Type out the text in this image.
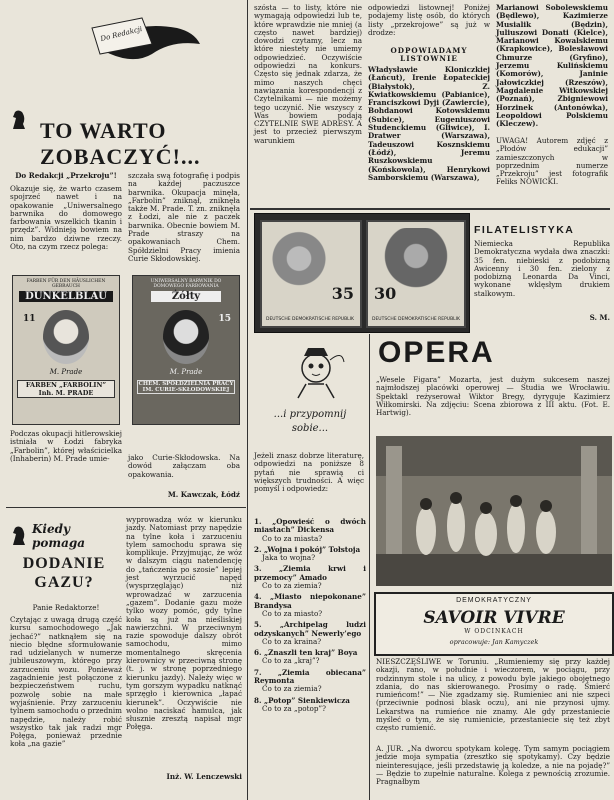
Do Redakcji
TO WARTO ZOBACZYĆ!...

Do Redakcji „Przekroju”!

Okazuje się, że warto czasem spojrzeć nawet i na opakowanie „Uniwersalnego barwnika do domowego farbowania wszelkich tkanin i przędz”. Widnieją bowiem na nim bardzo dziwne rzeczy. Oto, na czym rzecz polega:

szczała swą fotografię i podpis na każdej paczuszce barwnika. Okupacja minęła, „Farbolin” zniknął, zniknęła także M. Prade. T. zn. zniknęła z Łodzi, ale nie z paczek barwnika. Obecnie bowiem M. Prade straszy na opakowaniach Chem. Spółdzielni Pracy imienia Curie Skłodowskiej.

FARBEN FÜR DEN HÄUSLICHEN GEBRAUCH
DUNKELBLAU
11
M. Prade
FARBEN „FARBOLIN” Inh. M. PRADE
UNIWERSALNY BARWNIK DO DOMOWEGO FARBOWANIA
Żółty
15
M. Prade
CHEM. SPÓŁDZIELNIA PRACY IM. CURIE-SKŁODOWSKIEJ

Podczas okupacji hitlerowskiej istniała w Łodzi fabryka „Farbolin”, której właścicielka (Inhaberin) M. Prade umie-	jako Curie-Skłodowska. Na dowód załączam oba opakowania.

M. Kawczak, Łódź

Kiedy pomaga
DODANIE GAZU?

Panie Redaktorze!

Czytając z uwagą drugą część kursu samochodowego „Jak jechać?” natknąłem się na niecio błędne sformułowanie rad udzielanych w numerze jubileuszowym, którego przy zarzuceniu wozu. Ponieważ zagadnienie jest połączone z bezpieczeństwem ruchu, pozwolę sobie na małe wyjaśnienie. Przy zarzuceniu tylnem samochodu o przednim napędzie, należy robić wszystko tak jak radzi mgr Połęga, ponieważ przednie koła „na gazie”

wyprowadzą wóz w kierunku jazdy. Natomiast przy napędzie na tylne koła i zarzuceniu tylem samochodu sprawa się komplikuje. Przyjmując, że wóz w dalszym ciągu natendencję do „tańczenia po szosie” lepiej jest wyrzucić napęd (wysprzęglając) niż wprowadzać w zarzucenia „gazem”. Dodanie gazu może tylko wozy pomóc, gdy tylne koła są już na nieśliskiej nawierzchni. W przeciwnym razie spowoduje dalszy obrót samochodu, mimo momentalnego skręcenia kierownicy w przeciwną stronę (t. j. w stronę poprzedniego kierunku jazdy). Należy więc w tym gorszym wypadku natknąć sprzęgło i kierownica „łapać kierunek”. Oczywiście nie wolno naciskać hamulca, jak słusznie zresztą napisał mgr Połęga.

Inż. W. Lenczewski

szósta — to listy, które nie wymagają odpowiedzi lub te, które wprawdzie nie mniej (a często nawet bardziej) dowodzi czytamy, lecz na które niestety nie umiemy odpowiedzieć. Oczywiście odpowiedzi na konkurs. Często się jednak zdarza, że mimo naszych chęci nawiązania korespondencji z Czytelnikami — nie możemy tego uczynić. Nie wszyscy z Was bowiem podają CZYTELNIE SWE ADRESY. A jest to przecież pierwszym warunkiem

odpowiedzi listownej! Poniżej podajemy listę osób, do których listy „przekrojowe” są już w drodze:

ODPOWIADAMY LISTOWNIE

Władysławie Kloniczkiej (Łańcut), Irenie Łopateckiej (Białystok), Z. Kwiatkowskiemu (Pabianice), Franciszkowi Dyji (Zawiercie), Bohdanowi Kotowskiemu (Subice), Eugeniuszowi Studenckiemu (Gliwice), I. Dratwer (Warszawa), Tadeuszowi Kosznskiemu (Łódź), Jeremu Ruszkowskiemu (Końskowola), Henrykowi Samborskiemu (Warszawa),

Marianowi Sobolewskiemu (Będlewo), Kazimierze Musialik (Będzin), Juliuszowi Donati (Kielce), Marianowi Kowalskiemu (Krapkowice), Bolesławowi Chmurze (Gryfino), Jerzemu Kulińskiemu (Komorów), Janinie Jałowiczkiej (Rzeszów), Magdalenie Witkowskiej (Poznań), Zbigniewowi Horzinek (Antonówka), Leopoldowi Polskiemu (Kleczew).

UWAGA! Autorem zdjęć z „Płodów edukacji” zamieszczonych w poprzednim numerze „Przekroju” jest fotografik Feliks NOWICKI.

35
DEUTSCHE DEMOKRATISCHE REPUBLIK
30
DEUTSCHE DEMOKRATISCHE REPUBLIK
FILATELISTYKA

Niemiecka Republika Demokratyczna wydała dwa znaczki: 35 fen. niebieski z podobizną Awicenny i 30 fen. zielony z podobizną Leonarda Da Vinci, wykonane wklęsłym drukiem stalkowym.

S. M.

...i przypomnij sobie...

Jeżeli znasz dobrze literaturę, odpowiedzi na poniższe 8 pytań nie sprawią ci większych trudności. A więc pomyśl i odpowiedz:

1. „Opowieść o dwóch miastach” Dickensa

Co to za miasta?

2. „Wojna i pokój” Tołstoja

Jaka to wojna?

3. „Ziemia krwi i przemocy” Amado

Co to za ziemia?

4. „Miasto niepokonane” Brandysa

Co to za miasto?

5. „Archipelag ludzi odzyskanych” Newerly’ego

Co to za kraina?

6. „Znaszli ten kraj” Boya

Co to za „kraj”?

7. „Ziemia obiecana” Reymonta

Co to za ziemia?

8. „Potop” Sienkiewicza

Co to za „potop”?

OPERA

„Wesele Figara” Mozarta, jest dużym sukcesem naszej najmłodszej placówki operowej — Studia we Wrocławiu. Spektakl reżyserował Wiktor Bregy, dyryguje Kazimierz Wiłkomirski. Na zdjęciu: Scena zbiorowa z III aktu. (Fot. E. Hartwig).

DEMOKRATYCZNY
SAVOIR VIVRE
W ODCINKACH
opracowuje: Jan Kamyczek

NIESZCZĘŚLIWE w Toruniu. „Rumieniemy się przy każdej okazji, rano, w południe i wieczorem, w pociągu, przy rodzinnym stole i na ulicy, z powodu byle jakiego obojętnego zdania, do nas skierowanego. Prosimy o radę. Śmierć rumieńcom!” — Nie zgadzamy się. Rumieniec ani nie szpeci (przeciwnie podnosi blask oczu), ani nie przynosi ujmy. Lekarstwa na rumieńce nie znamy. Ale gdy przestaniecie myśleć o tym, że się rumienicie, przestaniecie się też zbyt często rumienić.

A. JUR. „Na dworcu spotykam kolegę. Tym samym pociągiem jedzie moja sympatia (zresztko się spotykamy). Czy będzie nieinteresujące, jeśli przedstawię ją koledze, a nie na pojadę?” — Będzie to zupełnie naturalne. Kolega z pewnością zrozumie. Pragnałbym
